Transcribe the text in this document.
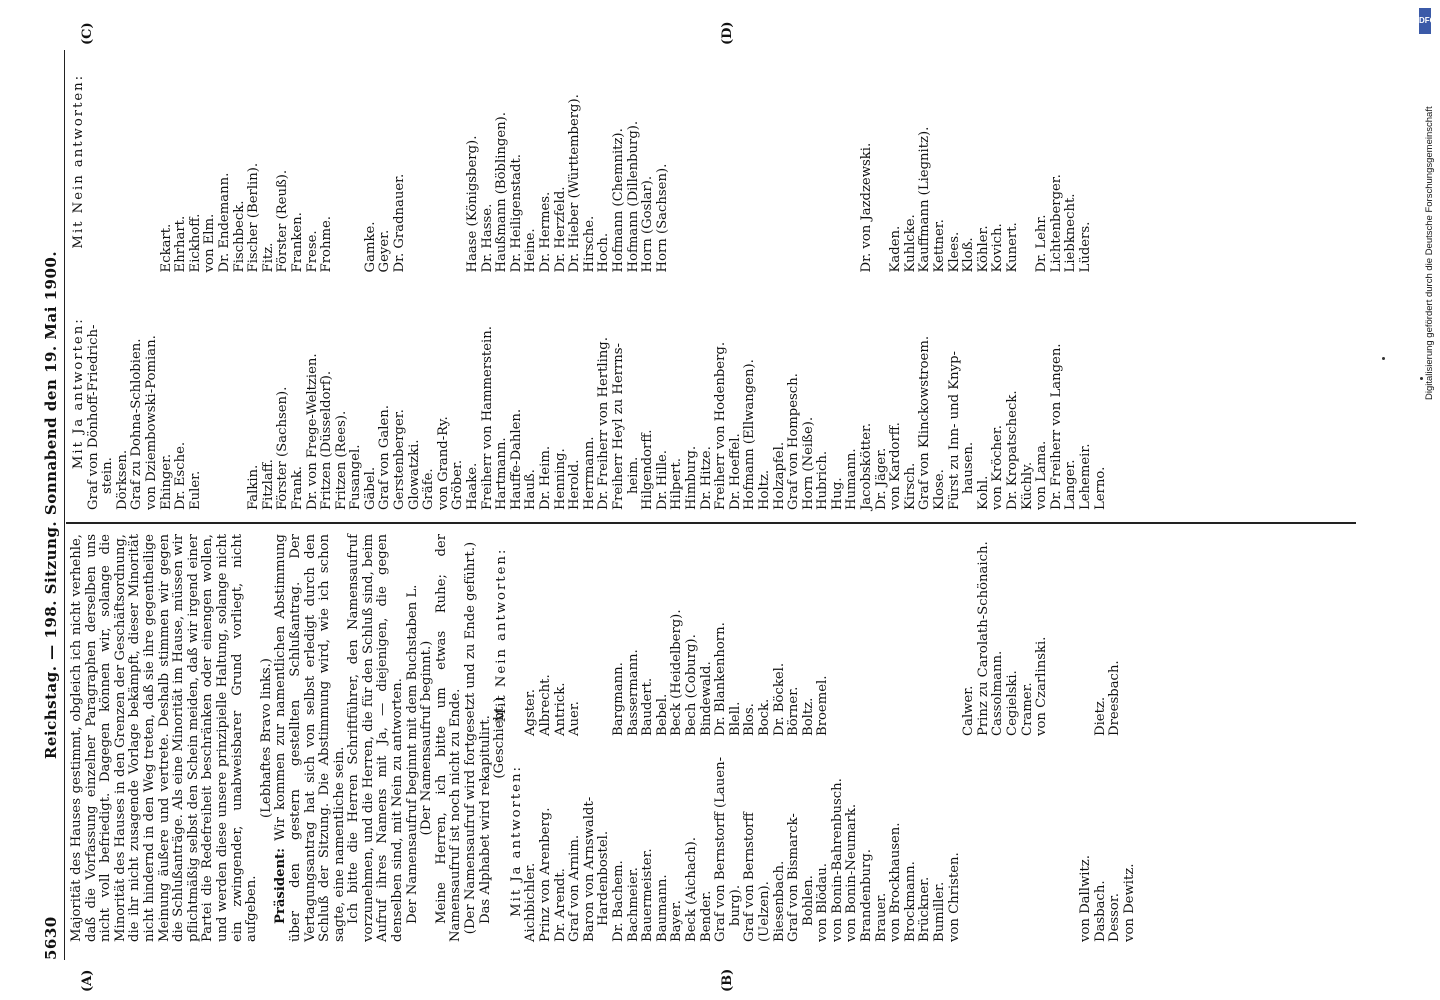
5630
Reichstag. — 198. Sitzung. Sonnabend den 19. Mai 1900.
(A)	(B)
(C)	(D)

Majorität des Hauses gestimmt, obgleich ich nicht verhehle, daß die Vorfassung einzelner Paragraphen derselben uns nicht voll befriedigt. Dagegen können wir, solange die Minorität des Hauses in den Grenzen der Geschäftsordnung, die ihr nicht zusagende Vorlage bekämpft, dieser Minorität nicht hindernd in den Weg treten, daß sie ihre gegentheilige Meinung äußere und vertrete. Deshalb stimmen wir gegen die Schlußanträge. Als eine Minorität im Hause, müssen wir pflichtmäßig selbst den Schein meiden, daß wir irgend einer Partei die Redefreiheit beschränken oder einengen wollen, und werden diese unsere prinzipielle Haltung, solange nicht ein zwingender, unabweisbarer Grund vorliegt, nicht aufgeben.

(Lebhaftes Bravo links.)

Präsident: Wir kommen zur namentlichen Abstimmung über den gestern gestellten Schlußantrag. Der Vertagungsantrag hat sich von selbst erledigt durch den Schluß der Sitzung. Die Abstimmung wird, wie ich schon sagte, eine namentliche sein. Ich bitte die Herren Schriftführer, den Namensaufruf vorzunehmen, und die Herren, die für den Schluß sind, beim Aufruf ihres Namens mit Ja, — diejenigen, die gegen denselben sind, mit Nein zu antworten. Der Namensaufruf beginnt mit dem Buchstaben L. (Der Namensaufruf beginnt.) Meine Herren, ich bitte um etwas Ruhe; der Namensaufruf ist noch nicht zu Ende. (Der Namensaufruf wird fortgesetzt und zu Ende geführt.) Das Alphabet wird rekapitulirt. (Geschieht.)

Mit Ja antworten: Aichbichler. Prinz von Arenberg. Dr. Arendt. Graf von Arnim. Baron von Arnswaldt- Hardenbostel. Dr. Bachem. Bachmeier. Bauermeister. Baumann. Bayer. Beck (Aichach). Bender. Graf von Bernstorff (Lauen- burg). Graf von Bernstorff (Uelzen). Biesenbach. Graf von Bismarck- Bohlen. von Blödau. von Bonin-Bahrenbusch. von Bonin-Neumark. Brandenburg. Brauer. von Brockhausen. Brockmann. Brückner. Bumiller. von Christen.	von Dallwitz. Dasbach. Dessor. von Dewitz.
Mit Nein antworten: Agster. Albrecht. Antrick. Auer. Bargmann. Bassermann. Baudert. Bebel. Beck (Heidelberg). Bech (Coburg). Bindewald. Dr. Blankenhorn. Blell. Blos. Bock. Dr. Böckel. Börner. Boltz. Broemel.	Calwer. Prinz zu Carolath-Schönaich. Cassolmann. Cegielski. Cramer. von Czarlinski.	Dietz. Dreesbach.
Mit Ja antworten: Graf von Dönhoff-Friedrich- stein. Dörksen. Graf zu Dohna-Schlobien. von Dziembowski-Pomian. Ehinger. Dr. Esche. Euler.	Falkin. Fitzlaff. Förster (Sachsen). Frank. Dr. von Frege-Weltzien. Fritzen (Düsseldorf). Fritzen (Rees). Fusangel. Gäbel. Graf von Galen. Gerstenberger. Glowatzki. Gräfe. von Grand-Ry. Gröber. Haake. Freiherr von Hammerstein. Hartmann. Hauffe-Dahlen. Hauß. Dr. Heim. Henning. Herold. Herrmann. Dr. Freiherr von Hertling. Freiherr Heyl zu Herrns- heim. Hilgendorff. Dr. Hille. Hilpert. Himburg. Dr. Hitze. Freiherr von Hodenberg. Dr. Hoeffel. Hofmann (Ellwangen). Holtz. Holzapfel. Graf von Hompesch. Horn (Neiße). Hubrich. Hug. Humann. Jacobskötter. Dr. Jäger. von Kardorff. Kirsch. Graf von Klinckowstroem. Klose. Fürst zu Inn- und Knyp- hausen. Kohl. von Kröcher. Dr. Kropatscheck. Küchly. von Lama. Dr. Freiherr von Langen. Langer. Lehemeir. Lerno.
Mit Nein antworten:	Eckart. Ehrhart. Eickhoff. von Elm. Dr. Endemann. Fischbeck. Fischer (Berlin). Fitz. Förster (Reuß). Franken. Frese. Frohme. Gamke. Geyer. Dr. Gradnauer.	Haase (Königsberg). Dr. Hasse. Haußmann (Böblingen). Dr. Heiligenstadt. Heine. Dr. Hermes. Dr. Herzfeld. Dr. Hieber (Württemberg). Hirsche. Hoch. Hofmann (Chemnitz). Hofmann (Dillenburg). Horn (Goslar). Horn (Sachsen).	Dr. von Jazdzewski. Kaden. Kuhlcke. Kauffmann (Liegnitz). Kettner. Klees. Kloß. Köhler. Kovich. Kunert. Dr. Lehr. Lichtenberger. Liebknecht. Lüders.
DFG
Digitalisierung gefördert durch die Deutsche Forschungsgemeinschaft
